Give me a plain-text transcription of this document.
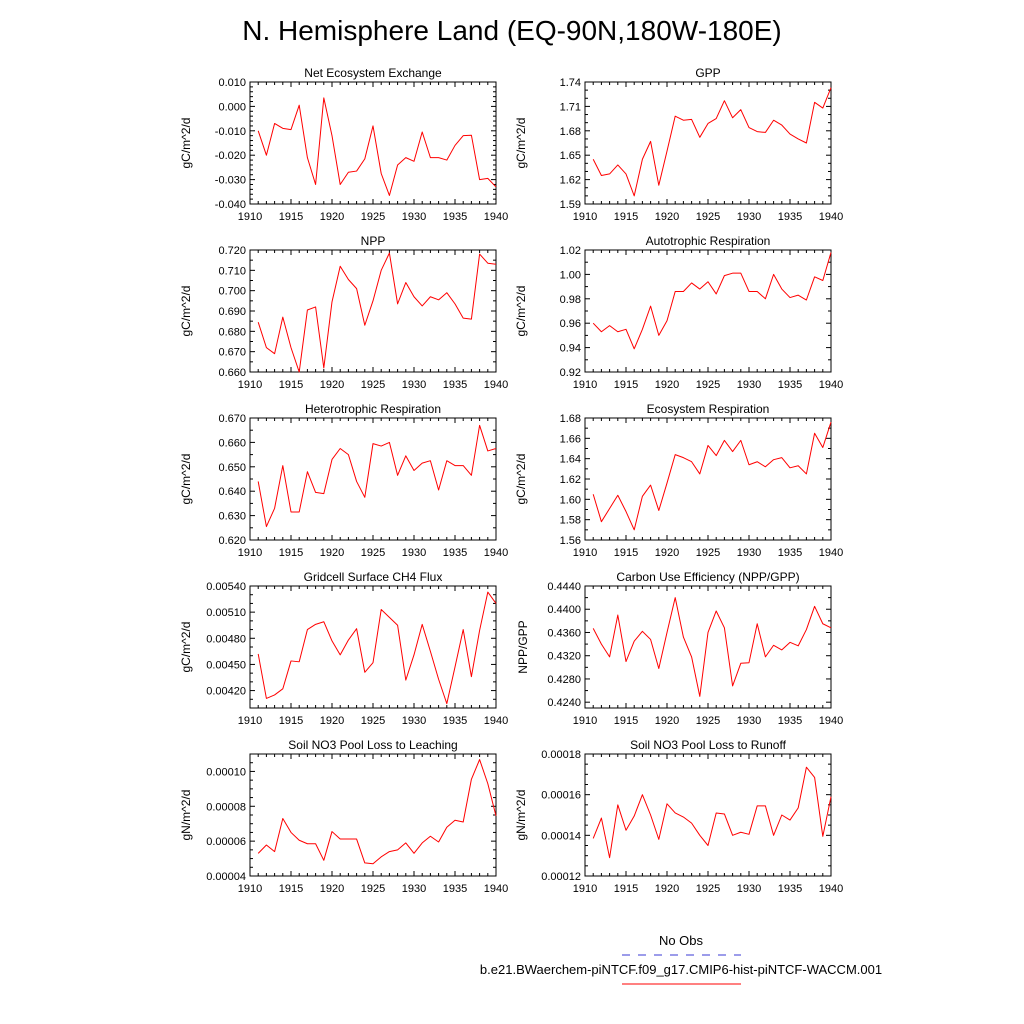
N. Hemisphere Land (EQ-90N,180W-180E)
Net Ecosystem Exchange
1910 1915 1920 1925 1930 1935 1940
-0.040
-0.030
-0.020
-0.010
0.000
0.010
gC/m^2/d
GPP
1910 1915 1920 1925 1930 1935 1940
1.59
1.62
1.65
1.68
1.71
1.74
gC/m^2/d
NPP
1910 1915 1920 1925 1930 1935 1940
0.660
0.670
0.680
0.690
0.700
0.710
0.720
gC/m^2/d
Autotrophic Respiration
1910 1915 1920 1925 1930 1935 1940
0.92
0.94
0.96
0.98
1.00
1.02
gC/m^2/d
Heterotrophic Respiration
1910 1915 1920 1925 1930 1935 1940
0.620
0.630
0.640
0.650
0.660
0.670
gC/m^2/d
Ecosystem Respiration
1910 1915 1920 1925 1930 1935 1940
1.56
1.58
1.60
1.62
1.64
1.66
1.68
gC/m^2/d
Gridcell Surface CH4 Flux
1910 1915 1920 1925 1930 1935 1940
0.00420
0.00450
0.00480
0.00510
0.00540
gC/m^2/d
Carbon Use Efficiency (NPP/GPP)
1910 1915 1920 1925 1930 1935 1940
0.4240
0.4280
0.4320
0.4360
0.4400
0.4440
NPP/GPP
Soil NO3 Pool Loss to Leaching
1910 1915 1920 1925 1930 1935 1940
0.00004
0.00006
0.00008
0.00010
gN/m^2/d
Soil NO3 Pool Loss to Runoff
1910 1915 1920 1925 1930 1935 1940
0.00012
0.00014
0.00016
0.00018
gN/m^2/d
No Obs
b.e21.BWaerchem-piNTCF.f09_g17.CMIP6-hist-piNTCF-WACCM.001
